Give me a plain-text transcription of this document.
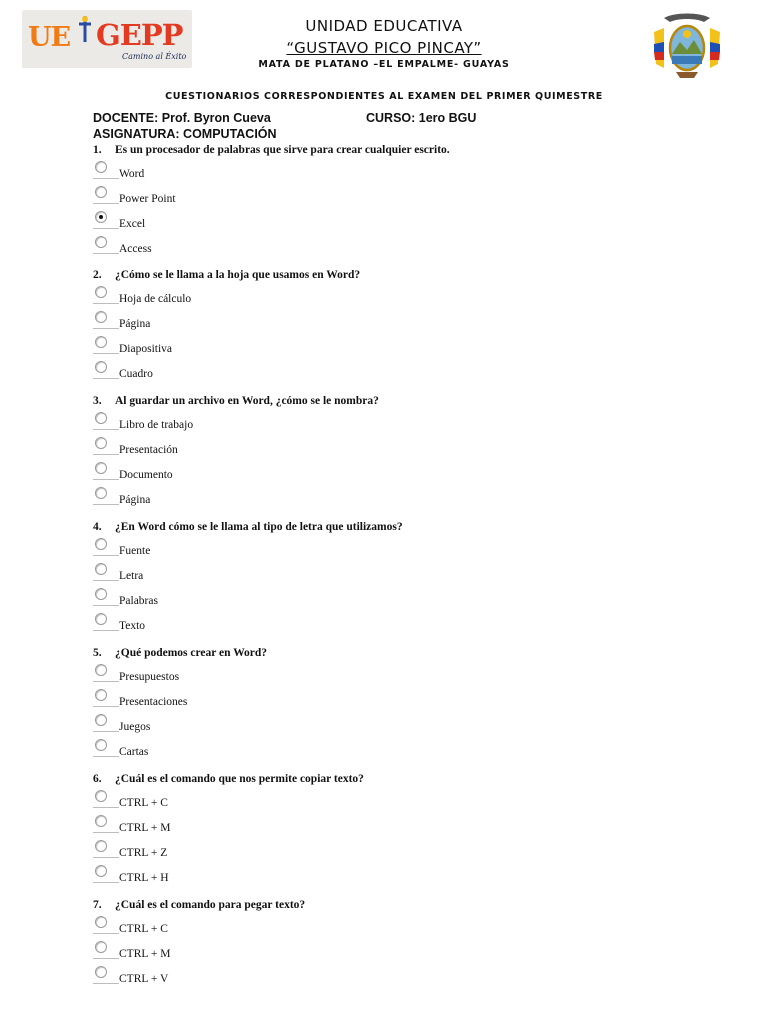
UE GEPP
Camino al Éxito
UNIDAD EDUCATIVA
“GUSTAVO PICO PINCAY”
MATA DE PLATANO –EL EMPALME- GUAYAS
CUESTIONARIOS CORRESPONDIENTES AL EXAMEN DEL PRIMER QUIMESTRE
DOCENTE: Prof. Byron Cueva	CURSO: 1ero BGU
ASIGNATURA: COMPUTACIÓN
1. Es un procesador de palabras que sirve para crear cualquier escrito.
Word
Power Point
Excel
Access
2. ¿Cómo se le llama a la hoja que usamos en Word?
Hoja de cálculo
Página
Diapositiva
Cuadro
3. Al guardar un archivo en Word, ¿cómo se le nombra?
Libro de trabajo
Presentación
Documento
Página
4. ¿En Word cómo se le llama al tipo de letra que utilizamos?
Fuente
Letra
Palabras
Texto
5. ¿Qué podemos crear en Word?
Presupuestos
Presentaciones
Juegos
Cartas
6. ¿Cuál es el comando que nos permite copiar texto?
CTRL + C
CTRL + M
CTRL + Z
CTRL + H
7. ¿Cuál es el comando para pegar texto?
CTRL + C
CTRL + M
CTRL + V
